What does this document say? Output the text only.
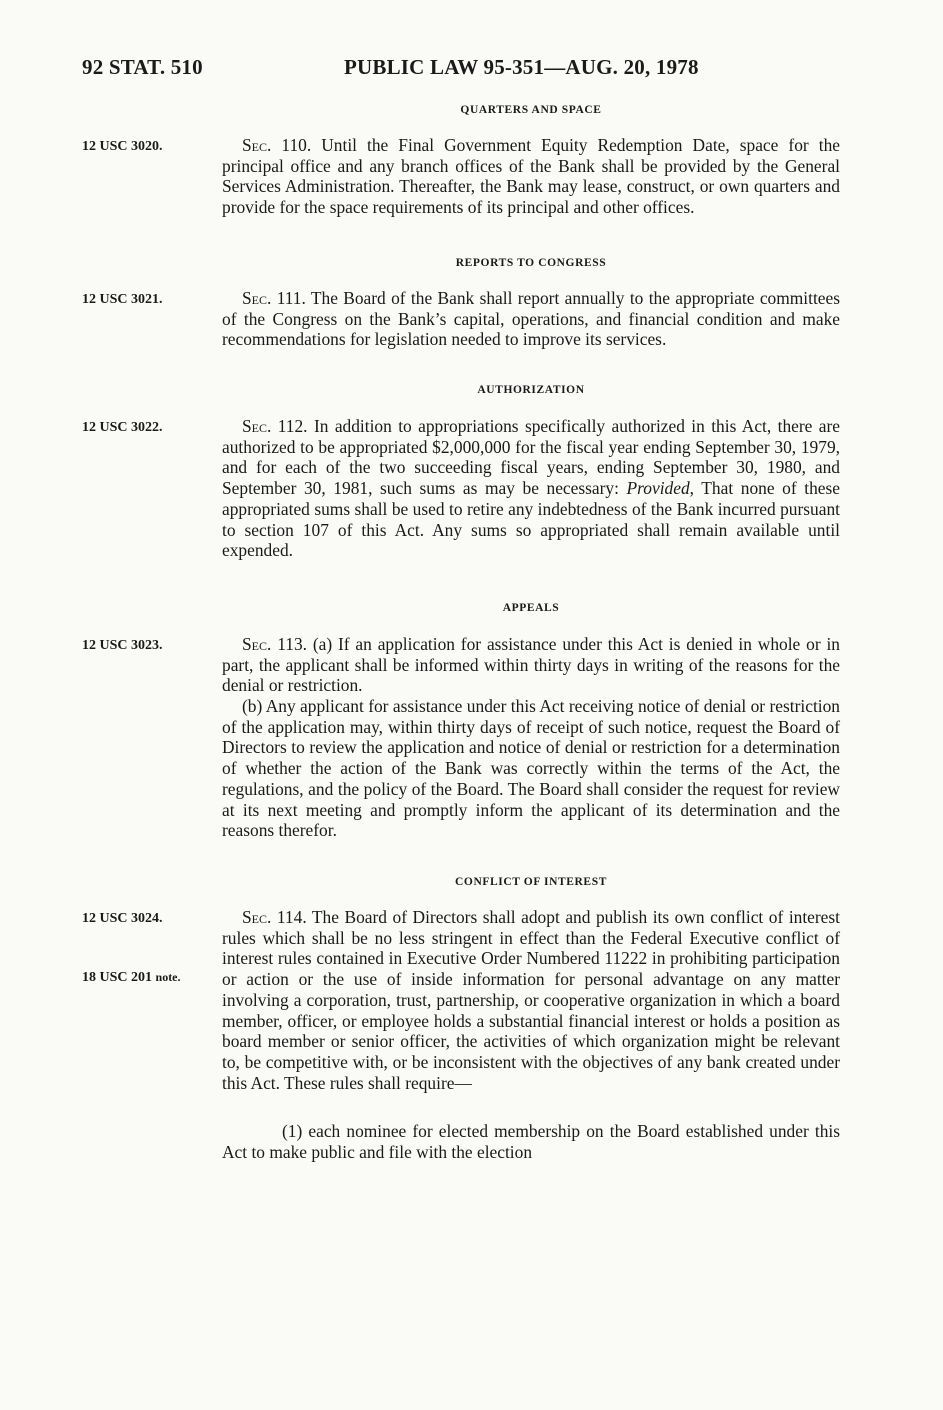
92 STAT. 510	PUBLIC LAW 95-351—AUG. 20, 1978
QUARTERS AND SPACE
12 USC 3020.	Sec. 110. Until the Final Government Equity Redemption Date, space for the principal office and any branch offices of the Bank shall be provided by the General Services Administration. Thereafter, the Bank may lease, construct, or own quarters and provide for the space requirements of its principal and other offices.

REPORTS TO CONGRESS
12 USC 3021.	Sec. 111. The Board of the Bank shall report annually to the appropriate committees of the Congress on the Bank’s capital, operations, and financial condition and make recommendations for legislation needed to improve its services.

AUTHORIZATION
12 USC 3022.	Sec. 112. In addition to appropriations specifically authorized in this Act, there are authorized to be appropriated $2,000,000 for the fiscal year ending September 30, 1979, and for each of the two succeeding fiscal years, ending September 30, 1980, and September 30, 1981, such sums as may be necessary: Provided, That none of these appropriated sums shall be used to retire any indebtedness of the Bank incurred pursuant to section 107 of this Act. Any sums so appropriated shall remain available until expended.

APPEALS
12 USC 3023.	Sec. 113. (a) If an application for assistance under this Act is denied in whole or in part, the applicant shall be informed within thirty days in writing of the reasons for the denial or restriction.

(b) Any applicant for assistance under this Act receiving notice of denial or restriction of the application may, within thirty days of receipt of such notice, request the Board of Directors to review the application and notice of denial or restriction for a determination of whether the action of the Bank was correctly within the terms of the Act, the regulations, and the policy of the Board. The Board shall consider the request for review at its next meeting and promptly inform the applicant of its determination and the reasons therefor.

CONFLICT OF INTEREST
12 USC 3024.
18 USC 201 note.

Sec. 114. The Board of Directors shall adopt and publish its own conflict of interest rules which shall be no less stringent in effect than the Federal Executive conflict of interest rules contained in Executive Order Numbered 11222 in prohibiting participation or action or the use of inside information for personal advantage on any matter involving a corporation, trust, partnership, or cooperative organization in which a board member, officer, or employee holds a substantial financial interest or holds a position as board member or senior officer, the activities of which organization might be relevant to, be competitive with, or be inconsistent with the objectives of any bank created under this Act. These rules shall require—

(1) each nominee for elected membership on the Board established under this Act to make public and file with the election
